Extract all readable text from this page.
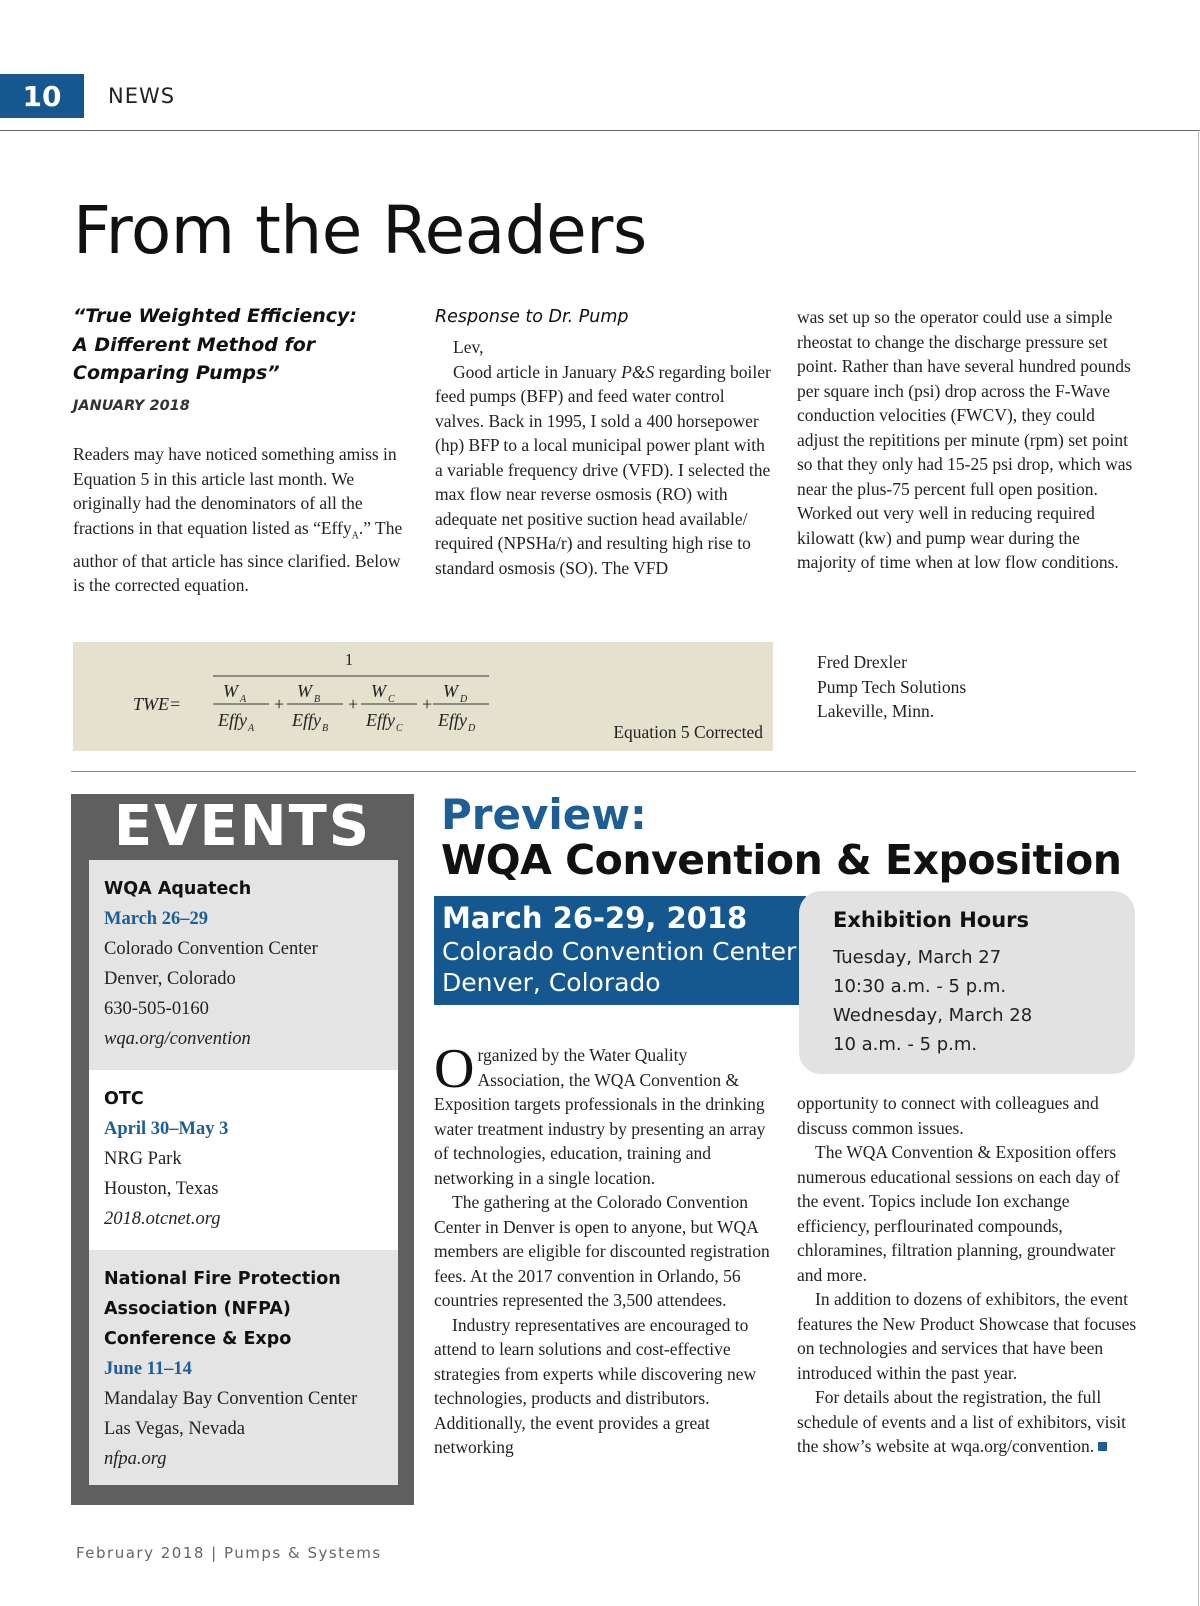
10	NEWS
From the Readers
“True Weighted Efficiency:
A Different Method for
Comparing Pumps”

JANUARY 2018

Readers may have noticed something amiss in Equation 5 in this article last month. We originally had the denominators of all the fractions in that equation listed as “Effy$_A$.” The author of that article has since clarified. Below is the corrected equation.

Response to Dr. Pump

Lev,

Good article in January P&S regarding boiler feed pumps (BFP) and feed water control valves. Back in 1995, I sold a 400 horsepower (hp) BFP to a local municipal power plant with a variable frequency drive (VFD). I selected the max flow near reverse osmosis (RO) with adequate net positive suction head available/ required (NPSHa/r) and resulting high rise to standard osmosis (SO). The VFD

was set up so the operator could use a simple rheostat to change the discharge pressure set point. Rather than have several hundred pounds per square inch (psi) drop across the F-Wave conduction velocities (FWCV), they could adjust the repititions per minute (rpm) set point so that they only had 15-25 psi drop, which was near the plus-75 percent full open position. Worked out very well in reducing required kilowatt (kw) and pump wear during the majority of time when at low flow conditions.

TWE=
1
W A
Effy A
W B
Effy B
W C
Effy C
W D
Effy D
+	+	+
Equation 5 Corrected
Fred Drexler
Pump Tech Solutions
Lakeville, Minn.
EVENTS
WQA Aquatech
March 26–29
Colorado Convention Center
Denver, Colorado
630-505-0160
wqa.org/convention
OTC
April 30–May 3
NRG Park
Houston, Texas
2018.otcnet.org
National Fire Protection
Association (NFPA)
Conference & Expo
June 11–14
Mandalay Bay Convention Center
Las Vegas, Nevada
nfpa.org
Preview:
WQA Convention & Exposition
March 26-29, 2018
Colorado Convention Center
Denver, Colorado
Exhibition Hours
Tuesday, March 27
10:30 a.m. - 5 p.m.
Wednesday, March 28
10 a.m. - 5 p.m.

Organized by the Water Quality Association, the WQA Convention & Exposition targets professionals in the drinking water treatment industry by presenting an array of technologies, education, training and networking in a single location.

The gathering at the Colorado Convention Center in Denver is open to anyone, but WQA members are eligible for discounted registration fees. At the 2017 convention in Orlando, 56 countries represented the 3,500 attendees.

Industry representatives are encouraged to attend to learn solutions and cost-effective strategies from experts while discovering new technologies, products and distributors. Additionally, the event provides a great networking

opportunity to connect with colleagues and discuss common issues.

The WQA Convention & Exposition offers numerous educational sessions on each day of the event. Topics include Ion exchange efficiency, perflourinated compounds, chloramines, filtration planning, groundwater and more.

In addition to dozens of exhibitors, the event features the New Product Showcase that focuses on technologies and services that have been introduced within the past year.

For details about the registration, the full schedule of events and a list of exhibitors, visit the show’s website at wqa.org/convention.

February 2018 | Pumps & Systems
